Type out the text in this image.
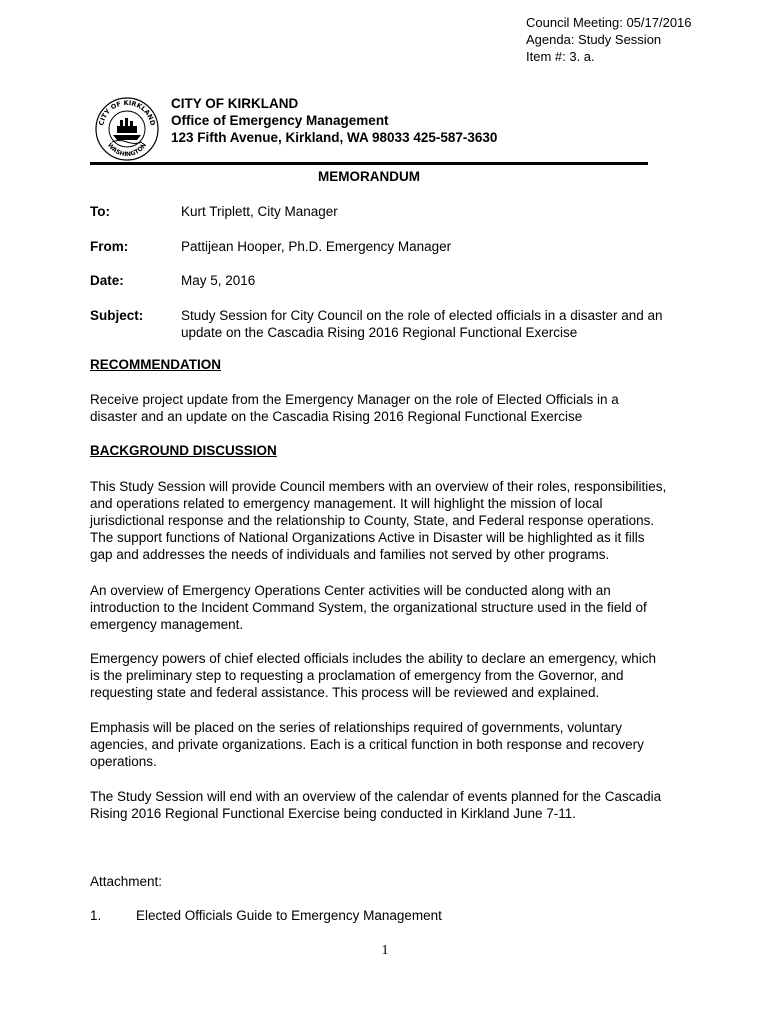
Council Meeting: 05/17/2016
Agenda: Study Session
Item #: 3. a.
CITY OF KIRKLAND
WASHINGTON
CITY OF KIRKLAND
Office of Emergency Management
123 Fifth Avenue, Kirkland, WA 98033 425-587-3630
MEMORANDUM
To:	Kurt Triplett, City Manager
From:	Pattijean Hooper, Ph.D. Emergency Manager
Date:	May 5, 2016
Subject:	Study Session for City Council on the role of elected officials in a disaster and an
update on the Cascadia Rising 2016 Regional Functional Exercise
RECOMMENDATION
Receive project update from the Emergency Manager on the role of Elected Officials in a
disaster and an update on the Cascadia Rising 2016 Regional Functional Exercise
BACKGROUND DISCUSSION
This Study Session will provide Council members with an overview of their roles, responsibilities,
and operations related to emergency management. It will highlight the mission of local
jurisdictional response and the relationship to County, State, and Federal response operations.
The support functions of National Organizations Active in Disaster will be highlighted as it fills
gap and addresses the needs of individuals and families not served by other programs.
An overview of Emergency Operations Center activities will be conducted along with an
introduction to the Incident Command System, the organizational structure used in the field of
emergency management.
Emergency powers of chief elected officials includes the ability to declare an emergency, which
is the preliminary step to requesting a proclamation of emergency from the Governor, and
requesting state and federal assistance. This process will be reviewed and explained.
Emphasis will be placed on the series of relationships required of governments, voluntary
agencies, and private organizations. Each is a critical function in both response and recovery
operations.
The Study Session will end with an overview of the calendar of events planned for the Cascadia
Rising 2016 Regional Functional Exercise being conducted in Kirkland June 7-11.
Attachment:
1.	Elected Officials Guide to Emergency Management
1
